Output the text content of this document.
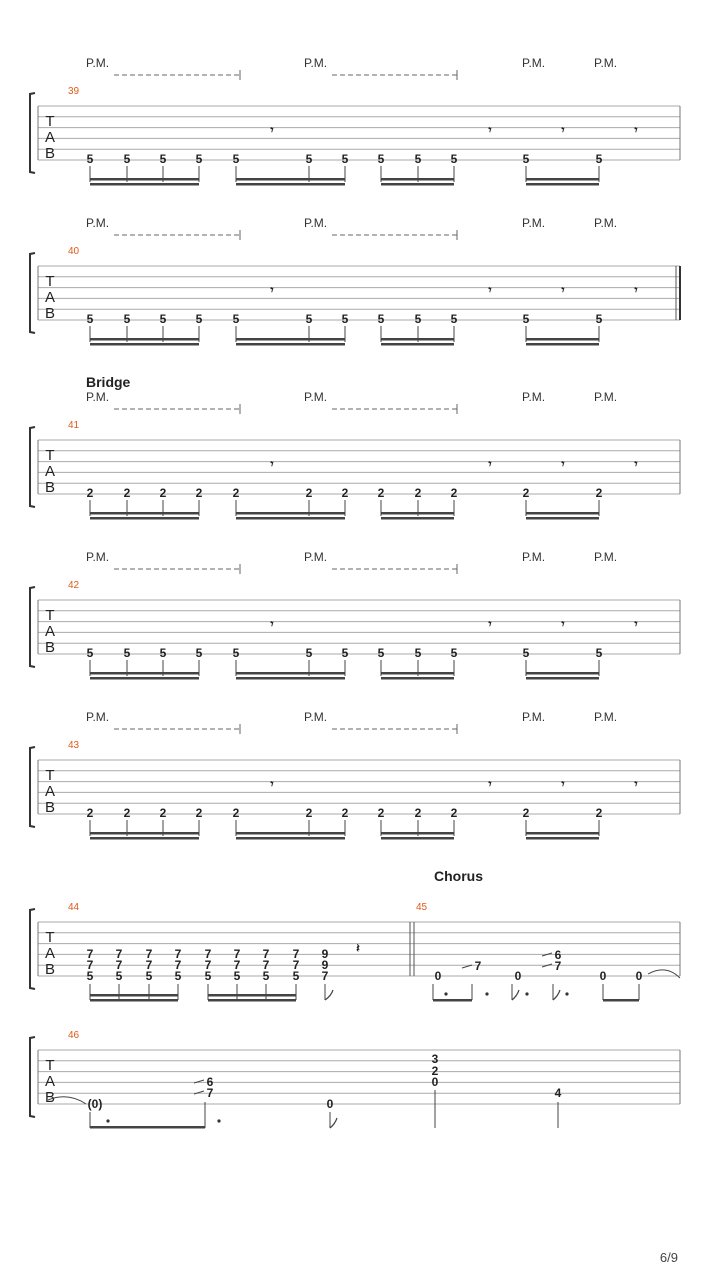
T
A
B
39
P.M.	P.M.	P.M.	P.M.
𝄾	𝄾	𝄾	𝄾
5	5 5 5	5	5 5 5	5 5	5	5
T
A
B
40
P.M.	P.M.	P.M.	P.M.
𝄾	𝄾	𝄾	𝄾
5	5 5 5	5	5 5 5	5 5	5	5
T
A
B
41
Bridge
P.M.	P.M.	P.M.	P.M.
𝄾	𝄾	𝄾	𝄾
2	2 2 2	2	2 2 2	2 2	2	2
T
A
B
42
P.M.	P.M.	P.M.	P.M.
𝄾	𝄾	𝄾	𝄾
5	5 5 5	5	5 5 5	5 5	5	5
T
A
B
43
P.M.	P.M.	P.M.	P.M.
𝄾	𝄾	𝄾	𝄾
2	2 2 2	2	2 2 2	2 2	2	2
T
A
B
44	45
Chorus
7
7
5
7
7
5
7
7
5
7
7
5
7
7
5
7
7
5
7
7
5
7
7
5
9
9
7
𝄽
0
7
0
6
7
0 0
T
A
B
46
(0)
6
7
0
3
2
0
4
6/9
